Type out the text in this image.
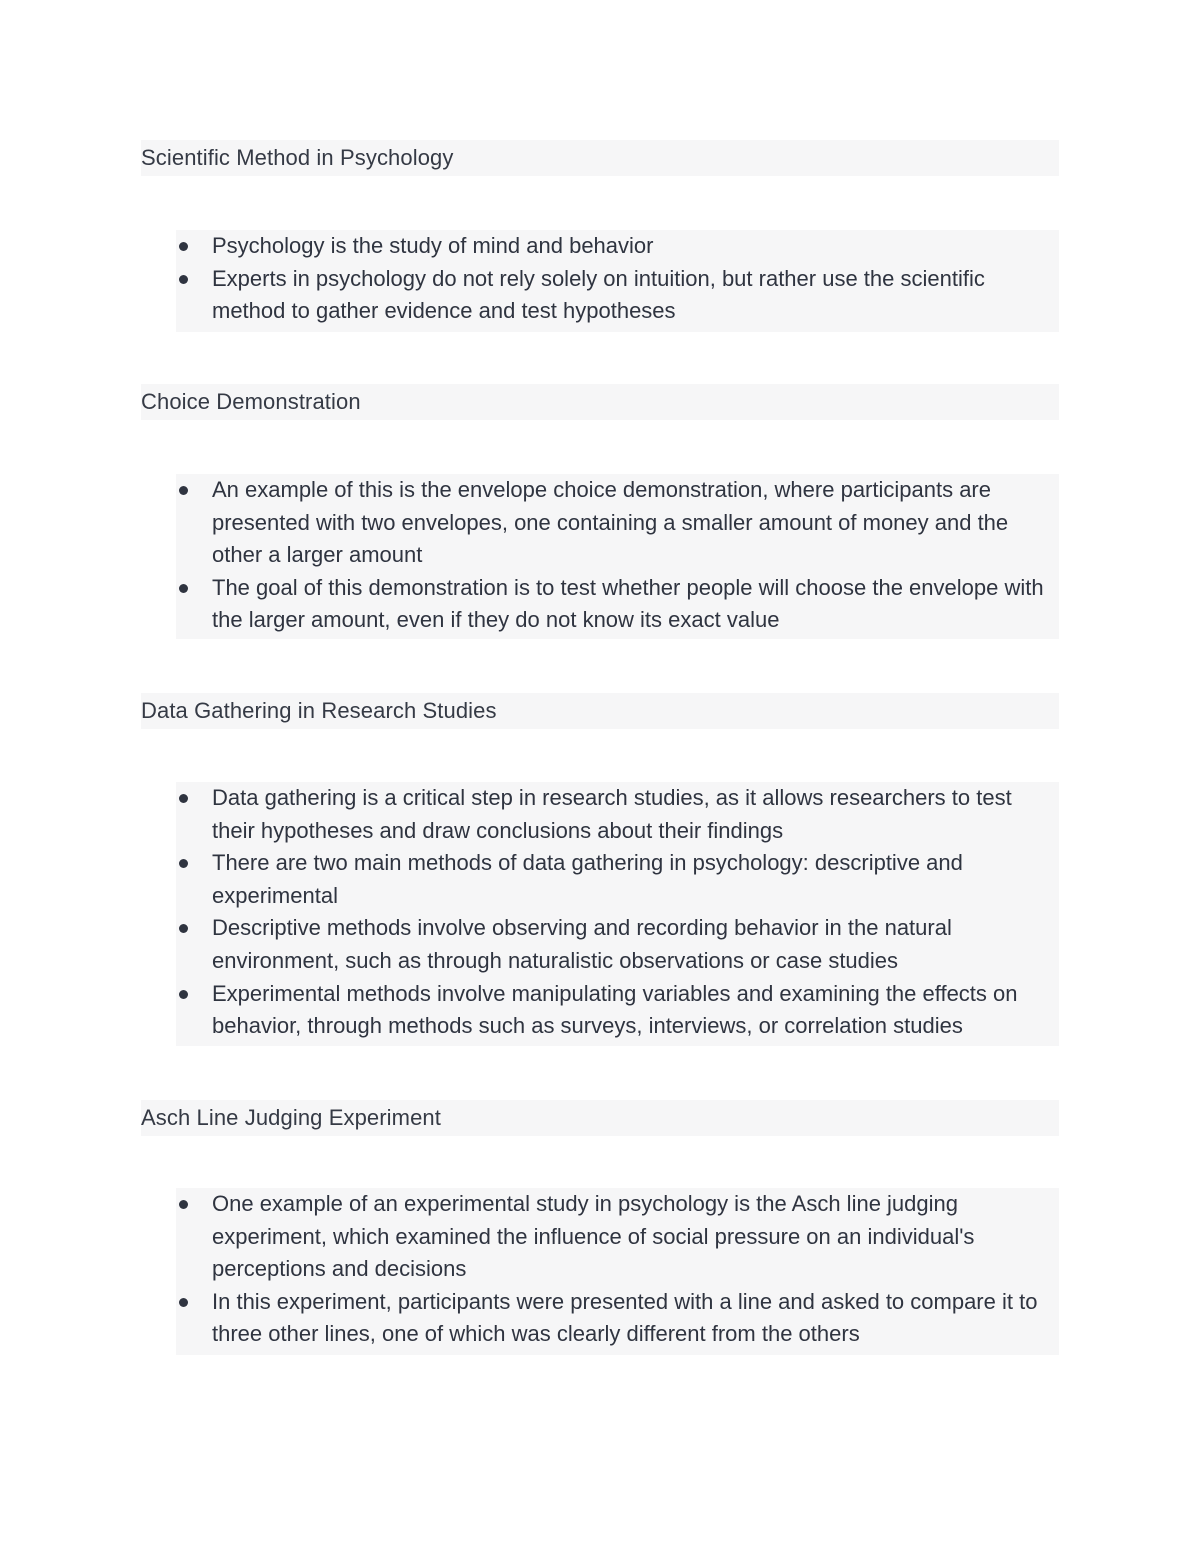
Scientific Method in Psychology
Psychology is the study of mind and behavior
Experts in psychology do not rely solely on intuition, but rather use the scientific method to gather evidence and test hypotheses
Choice Demonstration
An example of this is the envelope choice demonstration, where participants are presented with two envelopes, one containing a smaller amount of money and the other a larger amount
The goal of this demonstration is to test whether people will choose the envelope with the larger amount, even if they do not know its exact value
Data Gathering in Research Studies
Data gathering is a critical step in research studies, as it allows researchers to test their hypotheses and draw conclusions about their findings
There are two main methods of data gathering in psychology: descriptive and experimental
Descriptive methods involve observing and recording behavior in the natural environment, such as through naturalistic observations or case studies
Experimental methods involve manipulating variables and examining the effects on behavior, through methods such as surveys, interviews, or correlation studies
Asch Line Judging Experiment
One example of an experimental study in psychology is the Asch line judging experiment, which examined the influence of social pressure on an individual's perceptions and decisions
In this experiment, participants were presented with a line and asked to compare it to three other lines, one of which was clearly different from the others
